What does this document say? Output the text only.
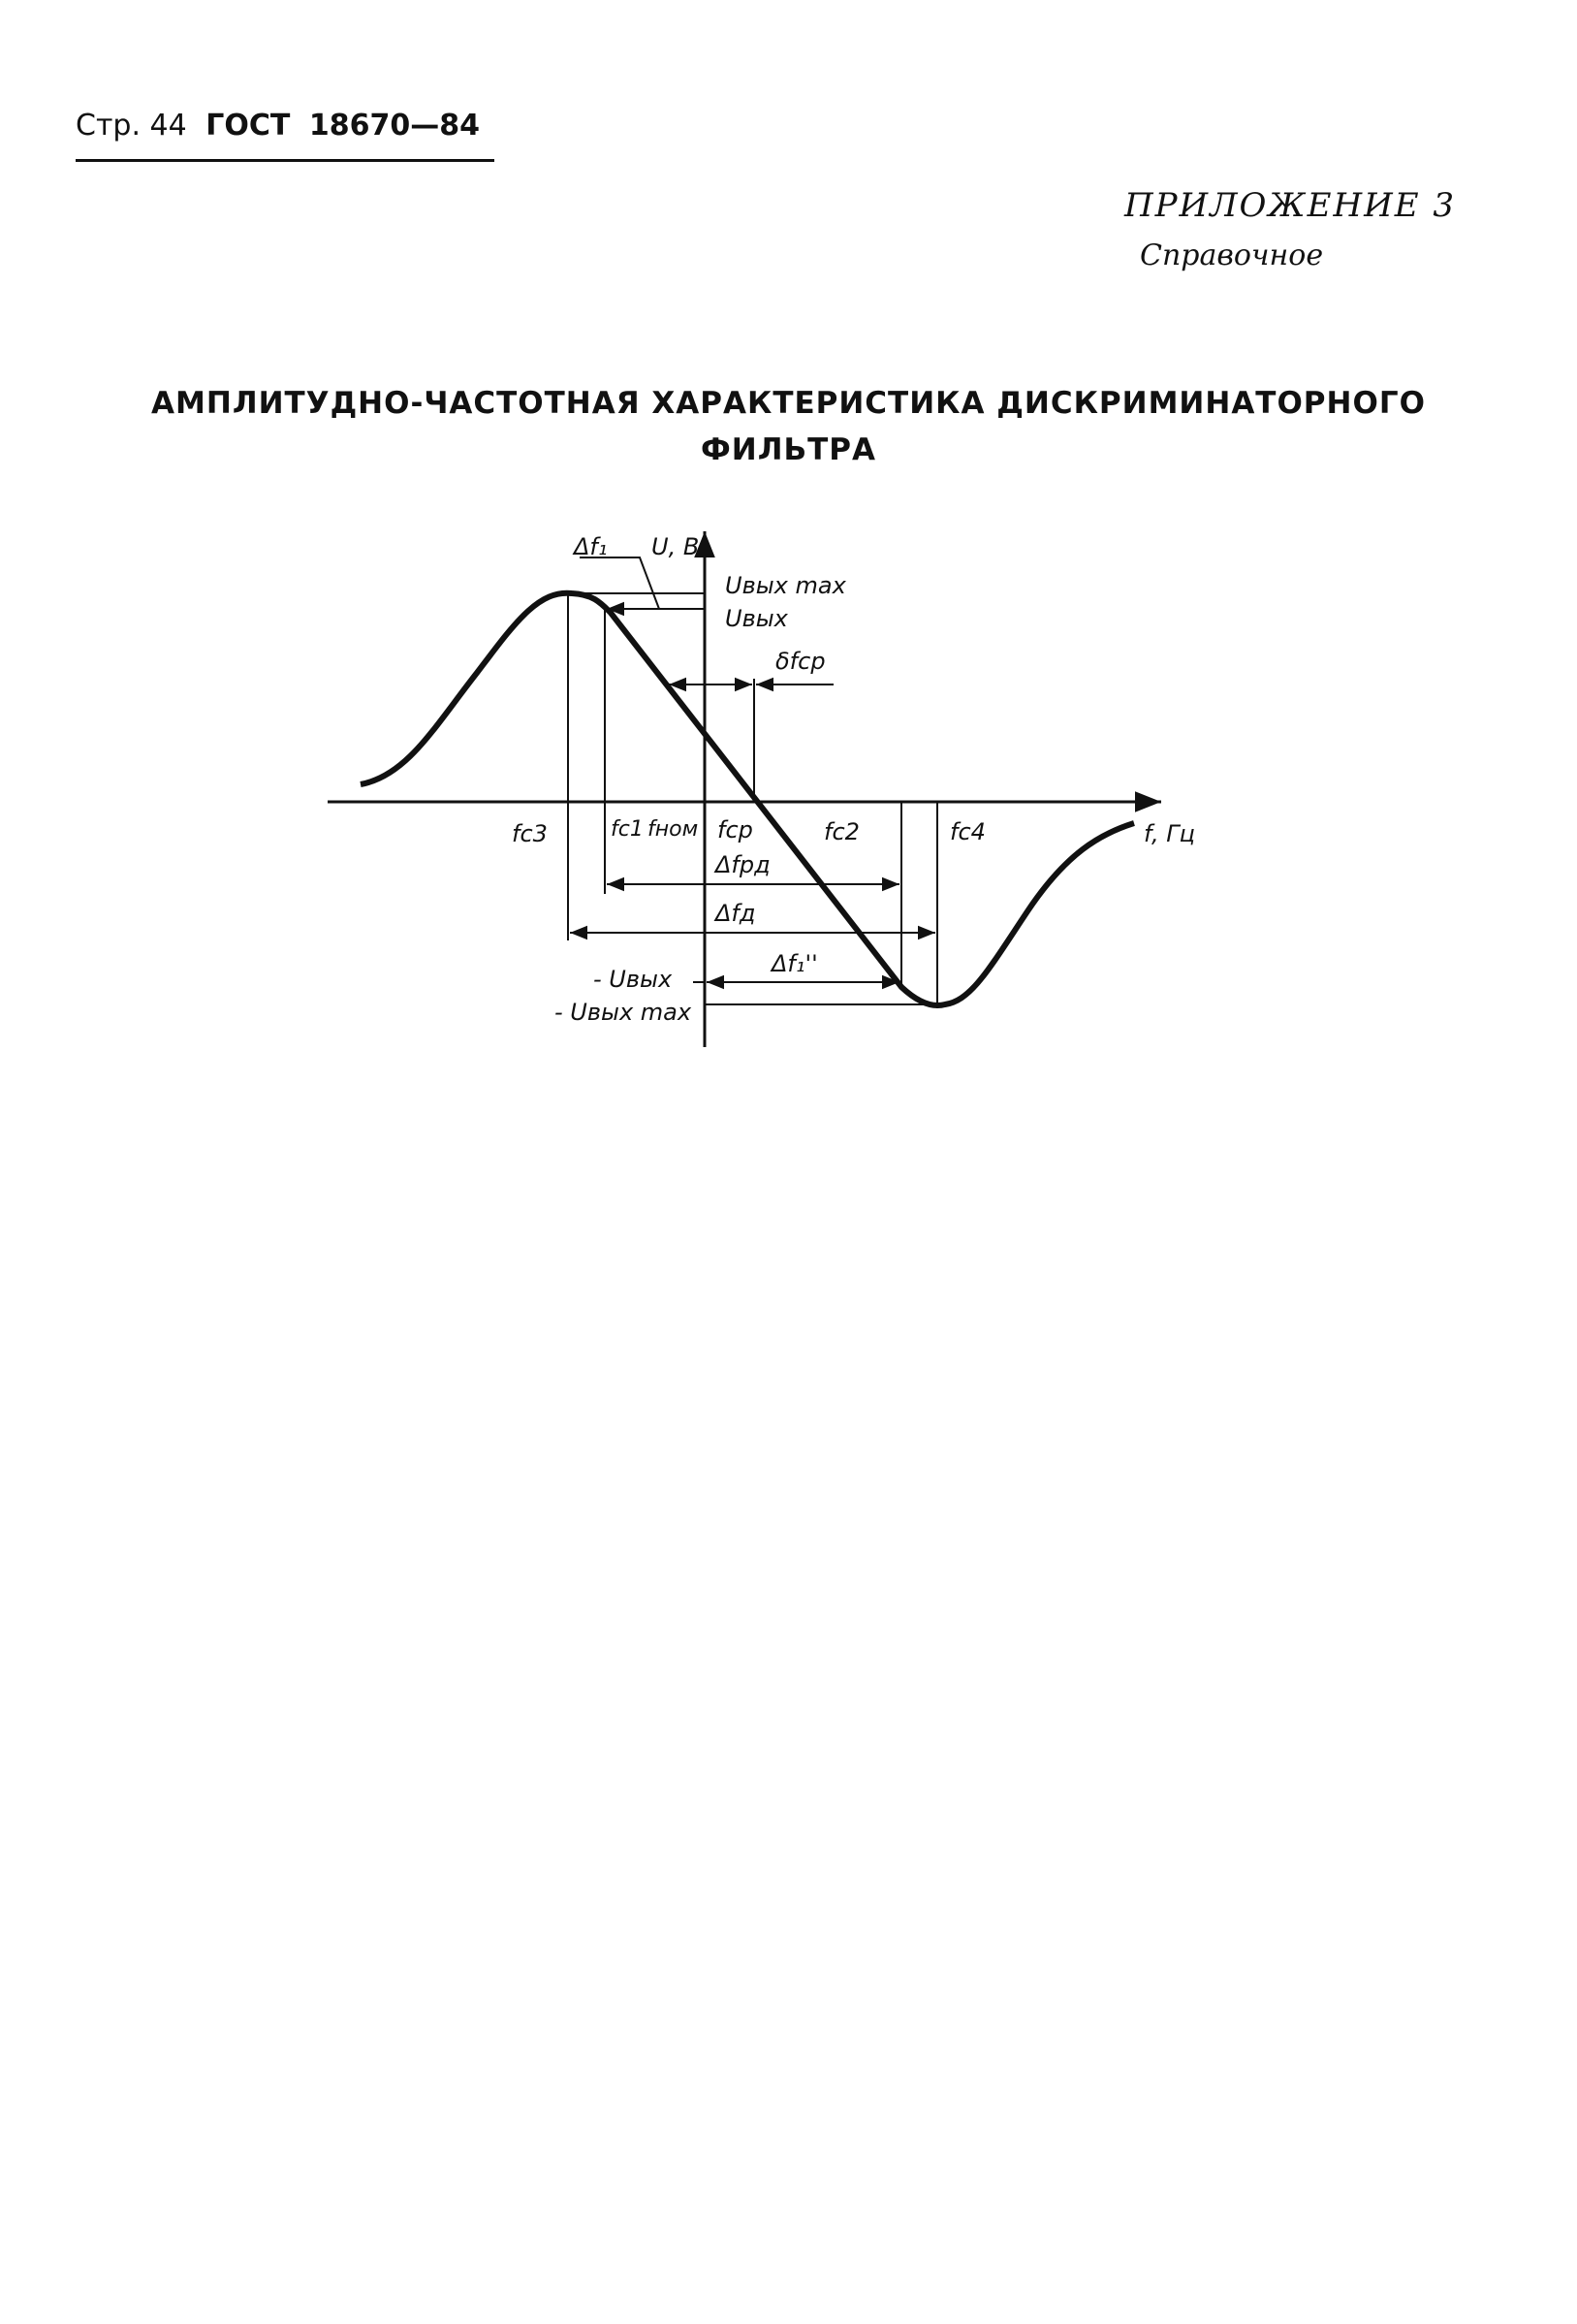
Стр. 44 ГОСТ 18670—84
ПРИЛОЖЕНИЕ 3
Справочное
АМПЛИТУДНО-ЧАСТОТНАЯ ХАРАКТЕРИСТИКА ДИСКРИМИНАТОРНОГО
ФИЛЬТРА
Δf₁ U, В
Uвых max
Uвых
δfср
fс3	fс1 fном fср	fс2	fс4	f, Гц
Δfрд
Δfд
Δf₁''
- Uвых
- Uвых max
